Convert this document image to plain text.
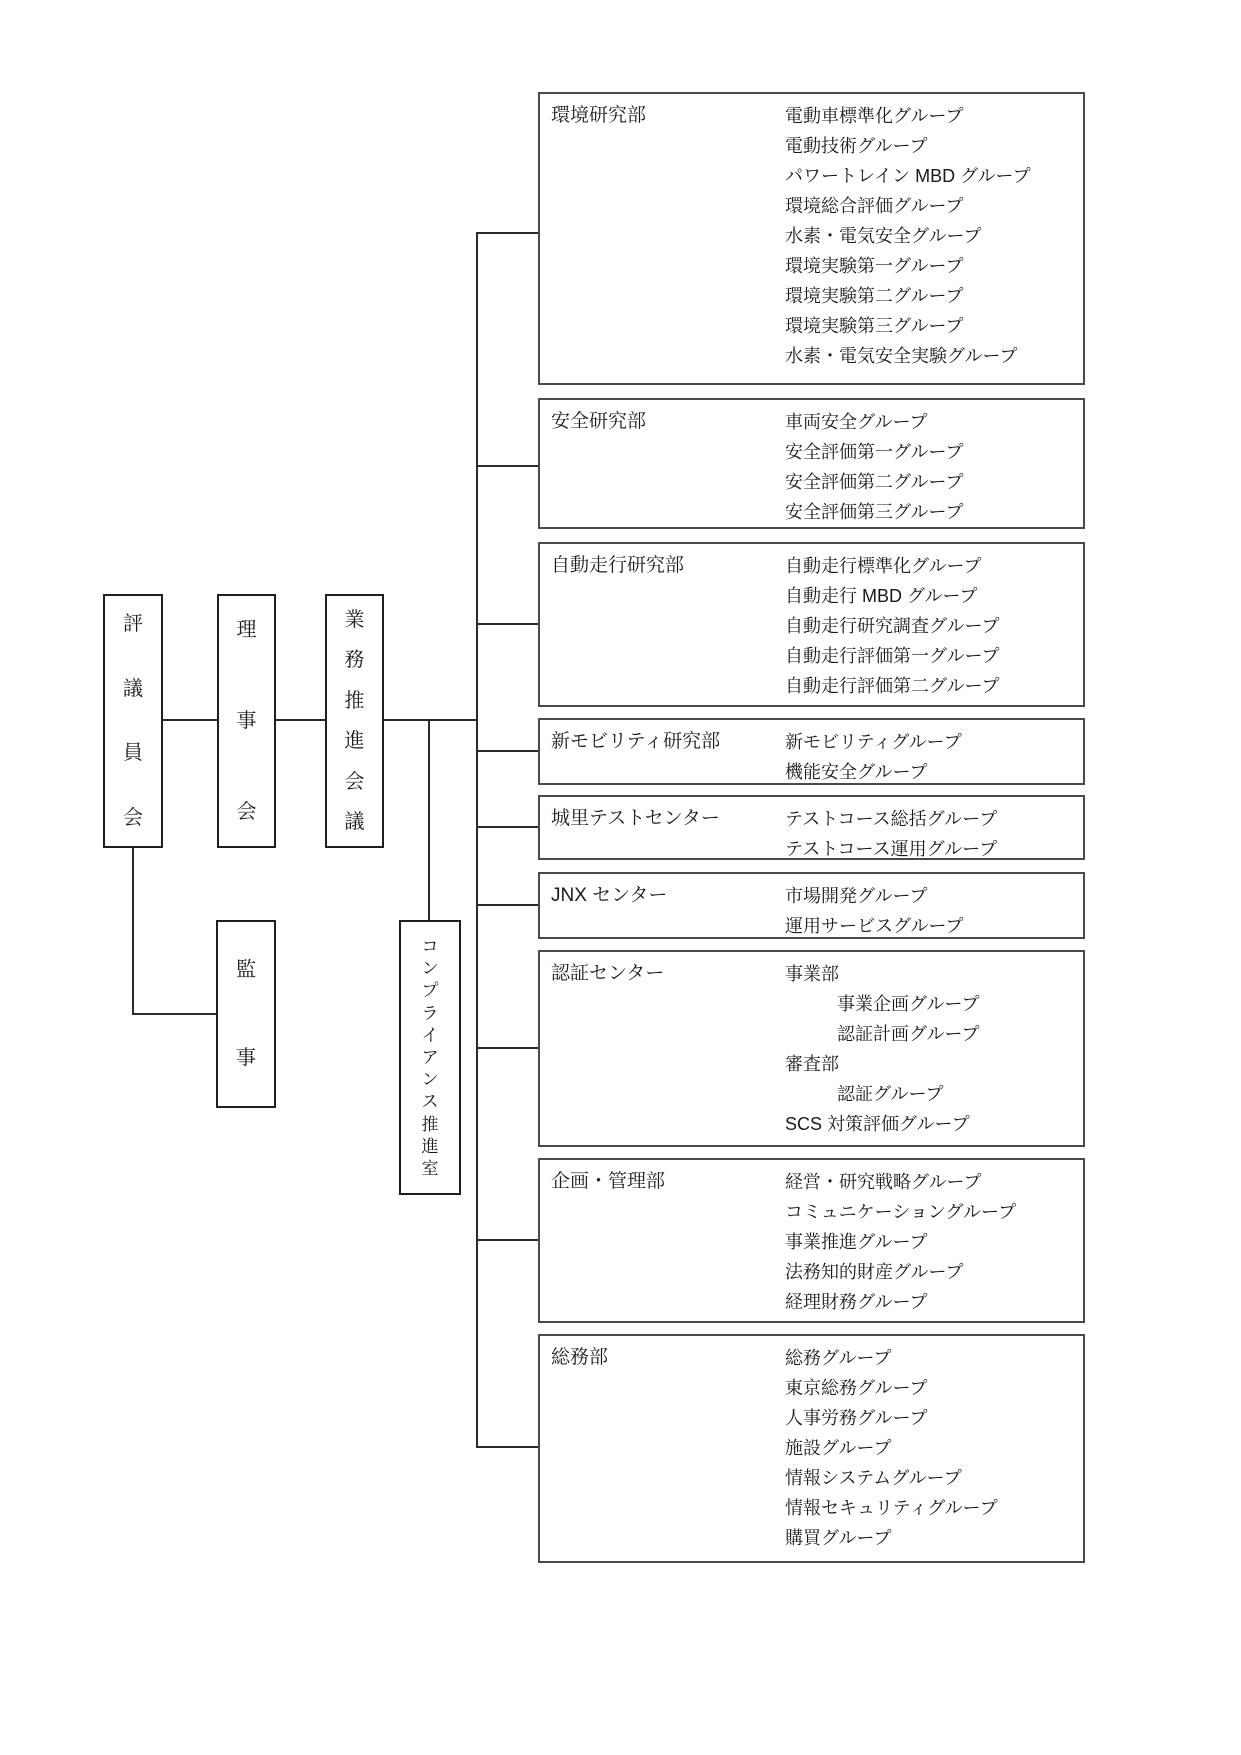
評
議
員
会
理
事
会
業
務
推
進
会
議
監
事
コ
ン
プ
ラ
イ
ア
ン
ス
推
進
室
環境研究部	電動車標準化グループ
電動技術グループ
パワートレイン MBD グループ
環境総合評価グループ
水素・電気安全グループ
環境実験第一グループ
環境実験第二グループ
環境実験第三グループ
水素・電気安全実験グループ
安全研究部	車両安全グループ
安全評価第一グループ
安全評価第二グループ
安全評価第三グループ
自動走行研究部	自動走行標準化グループ
自動走行 MBD グループ
自動走行研究調査グループ
自動走行評価第一グループ
自動走行評価第二グループ
新モビリティ研究部	新モビリティグループ
機能安全グループ
城里テストセンター	テストコース総括グループ
テストコース運用グループ
JNX センター	市場開発グループ
運用サービスグループ
認証センター	事業部
事業企画グループ
認証計画グループ
審査部
認証グループ
SCS 対策評価グループ
企画・管理部	経営・研究戦略グループ
コミュニケーショングループ
事業推進グループ
法務知的財産グループ
経理財務グループ
総務部	総務グループ
東京総務グループ
人事労務グループ
施設グループ
情報システムグループ
情報セキュリティグループ
購買グループ
